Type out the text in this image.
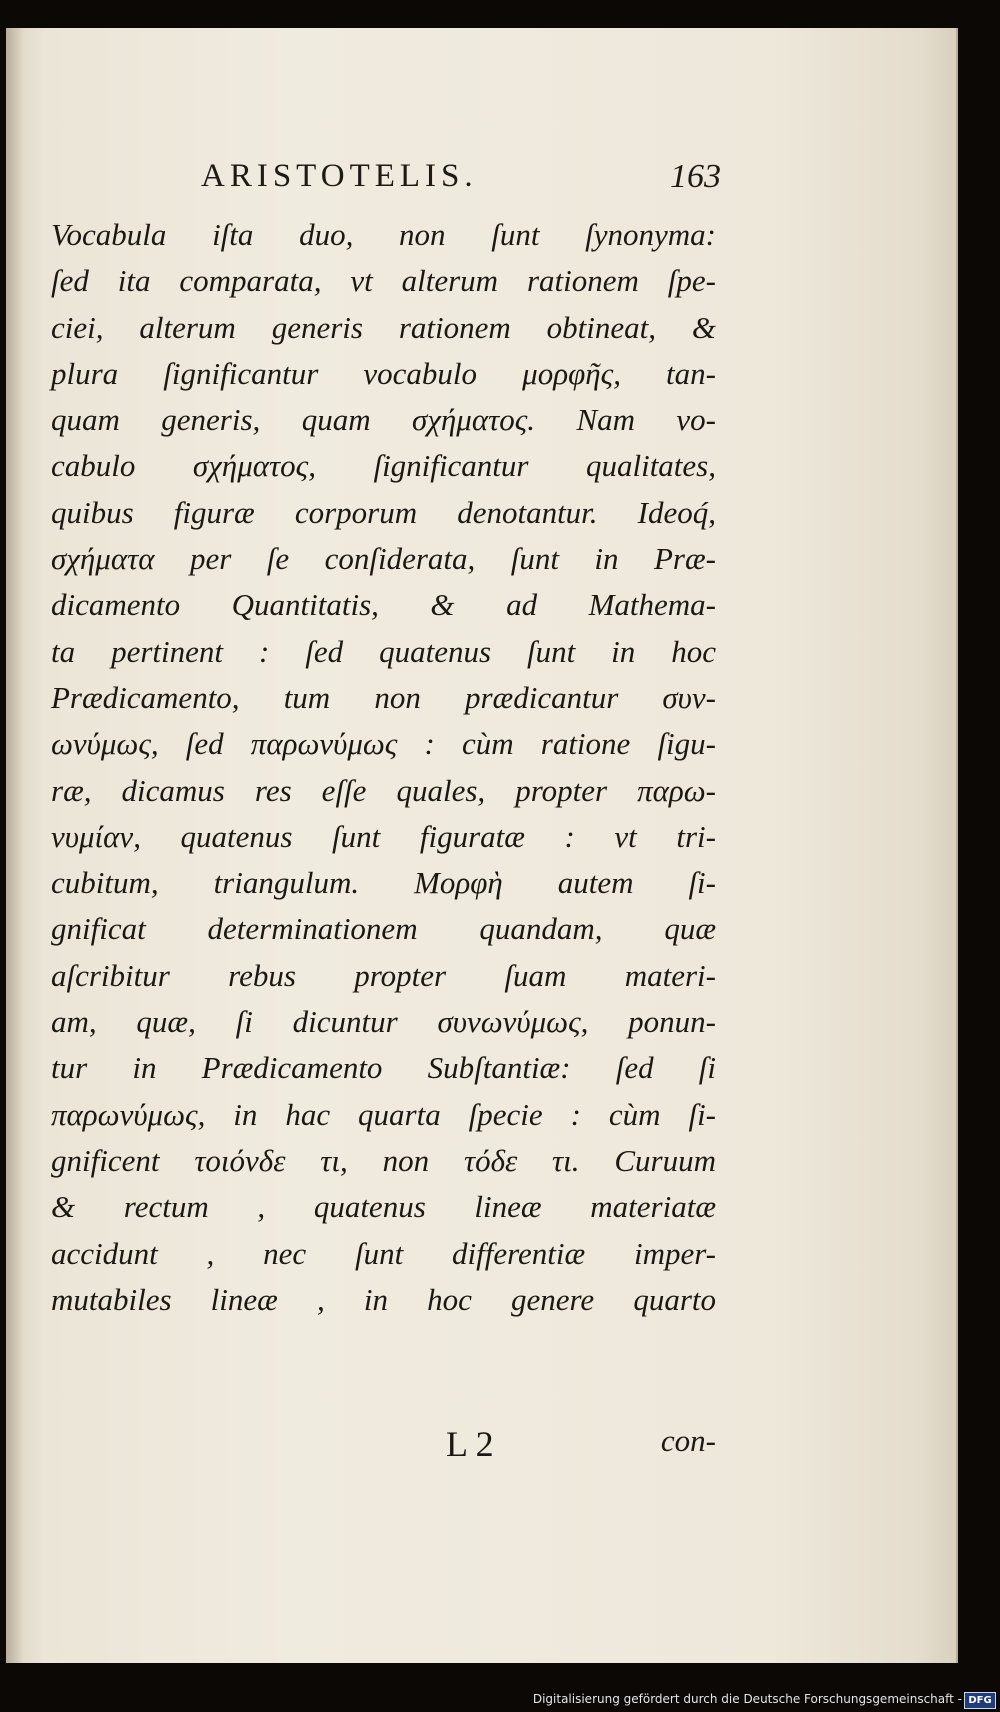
ARISTOTELIS.	163
Vocabula iſta duo, non ſunt ſynonyma:
ſed ita comparata, vt alterum rationem ſpe-
ciei, alterum generis rationem obtineat, &
plura ſignificantur vocabulo μορφῆς, tan-
quam generis, quam σχήματος. Nam vo-
cabulo σχήματος, ſignificantur qualitates,
quibus figuræ corporum denotantur. Ideoq́,
σχήματα per ſe conſiderata, ſunt in Præ-
dicamento Quantitatis, & ad Mathema-
ta pertinent : ſed quatenus ſunt in hoc
Prædicamento, tum non prædicantur συν-
ωνύμως, ſed παρωνύμως : cùm ratione ſigu-
ræ, dicamus res eſſe quales, propter παρω-
νυμίαν, quatenus ſunt figuratæ : vt tri-
cubitum, triangulum. Μορφὴ autem ſi-
gnificat determinationem quandam, quæ
aſcribitur rebus propter ſuam materi-
am, quæ, ſi dicuntur συνωνύμως, ponun-
tur in Prædicamento Subſtantiæ: ſed ſi
παρωνύμως, in hac quarta ſpecie : cùm ſi-
gnificent τοιόνδε τι, non τόδε τι. Curuum
& rectum , quatenus lineæ materiatæ
accidunt , nec ſunt differentiæ imper-
mutabiles lineæ , in hoc genere quarto
L 2	con-
Digitalisierung gefördert durch die Deutsche Forschungsgemeinschaft - DFG
